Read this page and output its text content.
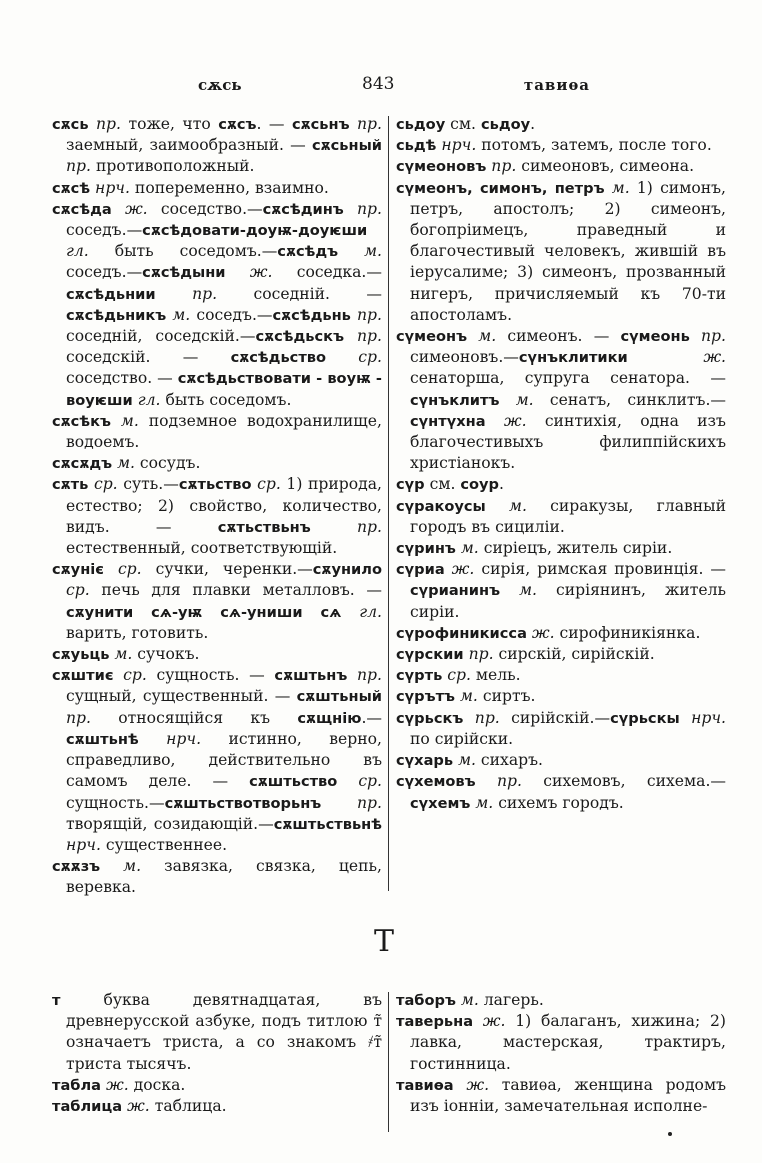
сѫсь	843	тавиѳа

сѫсь пр. тоже, что сѫсъ. — сѫсьнъ пр. заемный, заимообразный. — сѫсьный пр. противоположный.

сѫсѣ нрч. попеременно, взаимно.

сѫсѣда ж. соседство.—сѫсѣдинъ пр. соседъ.—сѫсѣдовати-доуѭ-доуѥши гл. быть соседомъ.—сѫсѣдъ м. соседъ.—сѫсѣдыни ж. соседка.—сѫсѣдьнии пр. соседній. — сѫсѣдьникъ м. соседъ.—сѫсѣдьнь пр. соседній, соседскій.—сѫсѣдьскъ пр. соседскій. — сѫсѣдьство ср. соседство. — сѫсѣдьствовати - воуѭ - воуѥши гл. быть соседомъ.

сѫсѣкъ м. подземное водохранилище, водоемъ.

сѫсѫдъ м. сосудъ.

сѫть ср. суть.—сѫтьство ср. 1) природа, естество; 2) свойство, количество, видъ. — сѫтьствьнъ	пр. естественный, соответствующій.

сѫуніє ср. сучки, черенки.—сѫунило ср. печь для плавки металловъ. — сѫунити сѧ-уѭ сѧ-униши сѧ гл. варить, готовить.

сѫуьць м. сучокъ.

сѫштиє ср. сущность. — сѫштьнъ пр. сущный, существенный. — сѫштьный пр. относящійся къ сѫщнію.—сѫштьнѣ нрч. истинно, верно, справедливо, действительно въ самомъ деле. — сѫштьство ср. сущность.—сѫштьствотворьнъ пр. творящій, созидающій.—сѫштьствьнѣ нрч. существеннее.

сѫѫзъ м. завязка, связка, цепь, веревка.

сьдоу см. сьдоу.

сьдѣ нрч. потомъ, затемъ, после того.

сүмеоновъ пр. симеоновъ, симеона.

сүмеонъ, симонъ, петръ м. 1) симонъ, петръ, апостолъ; 2) симеонъ, богопріимецъ, праведный и благочестивый человекъ, жившій въ іерусалиме; 3) симеонъ, прозванный нигеръ, причисляемый къ 70-ти апостоламъ.

сүмеонъ м. симеонъ. — сүмеонь пр. симеоновъ.—сүнъклитики	ж. сенаторша, супруга сенатора. — сүнъклитъ м. сенатъ, синклитъ.—сүнтүхна ж. синтихія, одна изъ благочестивыхъ филиппійскихъ христіанокъ.

сүр см. соур.

сүракоусы м. сиракузы, главный городъ въ сициліи.

сүринъ м. сиріецъ, житель сиріи.

сүриа ж. сирія, римская провинція. —сүрианинъ м. сиріянинъ, житель сиріи.

сүрофиникисса ж. сирофиникіянка.

сүрскии пр. сирскій, сирійскій.

сүрть ср. мель.

сүрътъ м. сиртъ.

сүрьскъ пр. сирійскій.—сүрьскы нрч. по сирійски.

сүхарь м. сихаръ.

сүхемовъ пр. сихемовъ, сихема.—сүхемъ м. сихемъ городъ.

Т

т буква девятнадцатая, въ древнерусской азбуке, подъ титлою т̃ означаетъ триста, а со знакомъ ҂т̃ триста тысячъ.

табла ж. доска.

таблица ж. таблица.

таборъ м. лагерь.

таверьна ж. 1) балаганъ, хижина; 2) лавка, мастерская, трактиръ, гостинница.

тавиѳа ж. тавиѳа, женщина родомъ изъ іонніи, замечательная исполне-
